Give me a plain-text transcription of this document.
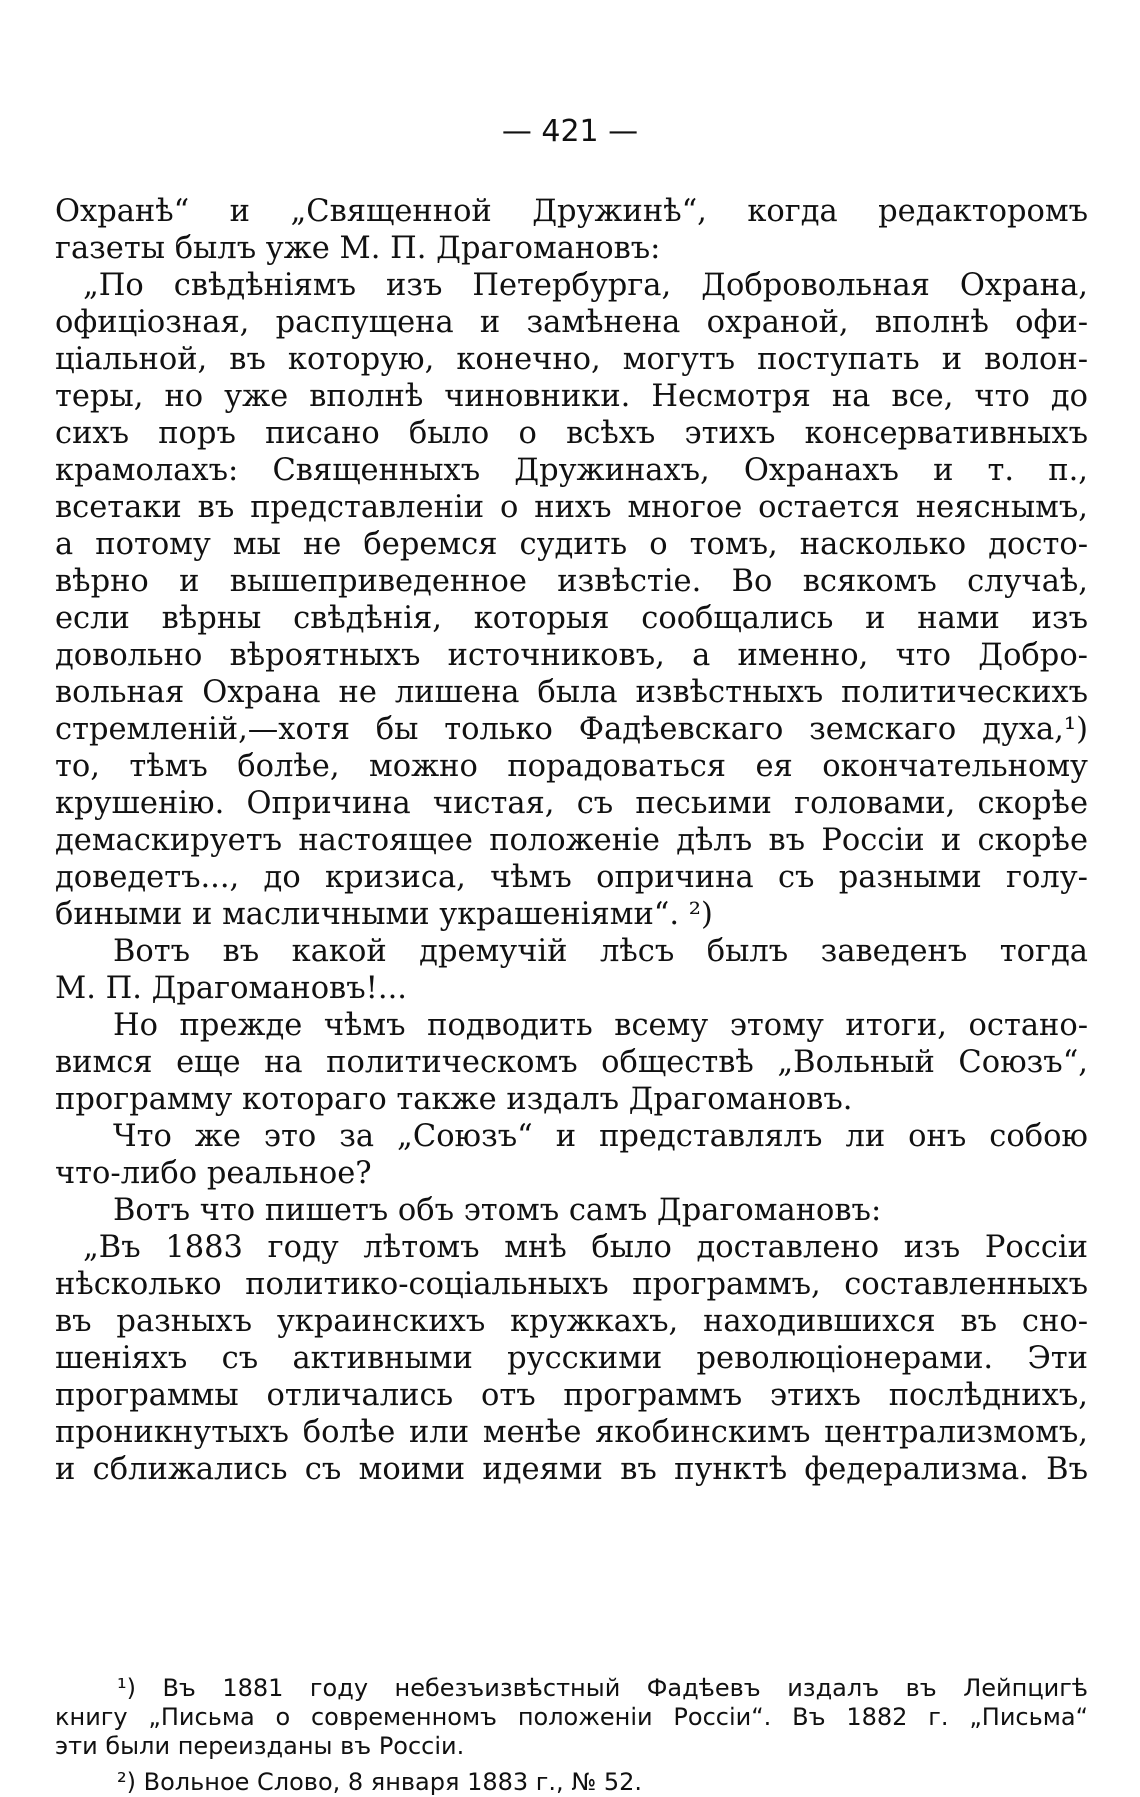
— 421 —
Охранѣ“ и „Священной Дружинѣ“, когда редакторомъ
газеты былъ уже М. П. Драгомановъ:
„По свѣдѣніямъ изъ Петербурга, Добровольная Охрана,
офиціозная, распущена и замѣнена охраной, вполнѣ офи-
ціальной, въ которую, конечно, могутъ поступать и волон-
теры, но уже вполнѣ чиновники. Несмотря на все, что до
сихъ поръ писано было о всѣхъ этихъ консервативныхъ
крамолахъ: Священныхъ Дружинахъ, Охранахъ и т. п.,
всетаки въ представленіи о нихъ многое остается неяснымъ,
а потому мы не беремся судить о томъ, насколько досто-
вѣрно и вышеприведенное извѣстіе. Во всякомъ случаѣ,
если вѣрны свѣдѣнія, которыя сообщались и нами изъ
довольно вѣроятныхъ источниковъ, а именно, что Добро-
вольная Охрана не лишена была извѣстныхъ политическихъ
стремленій,—хотя бы только Фадѣевскаго земскаго духа,¹)
то, тѣмъ болѣе, можно порадоваться ея окончательному
крушенію. Опричина чистая, съ песьими головами, скорѣе
демаскируетъ настоящее положеніе дѣлъ въ Россіи и скорѣе
доведетъ..., до кризиса, чѣмъ опричина съ разными голу-
биными и масличными украшеніями“. ²)
Вотъ въ какой дремучій лѣсъ былъ заведенъ тогда
М. П. Драгомановъ!...
Но прежде чѣмъ подводить всему этому итоги, остано-
вимся еще на политическомъ обществѣ „Вольный Союзъ“,
программу котораго также издалъ Драгомановъ.
Что же это за „Союзъ“ и представлялъ ли онъ собою
что-либо реальное?
Вотъ что пишетъ объ этомъ самъ Драгомановъ:
„Въ 1883 году лѣтомъ мнѣ было доставлено изъ Россіи
нѣсколько политико-соціальныхъ программъ, составленныхъ
въ разныхъ украинскихъ кружкахъ, находившихся въ сно-
шеніяхъ съ активными русскими революціонерами. Эти
программы отличались отъ программъ этихъ послѣднихъ,
проникнутыхъ болѣе или менѣе якобинскимъ централизмомъ,
и сближались съ моими идеями въ пунктѣ федерализма. Въ
¹) Въ 1881 году небезъизвѣстный Фадѣевъ издалъ въ Лейпцигѣ
книгу „Письма о современномъ положеніи Россіи“. Въ 1882 г. „Письма“
эти были переизданы въ Россіи.
²) Вольное Слово, 8 января 1883 г., № 52.
